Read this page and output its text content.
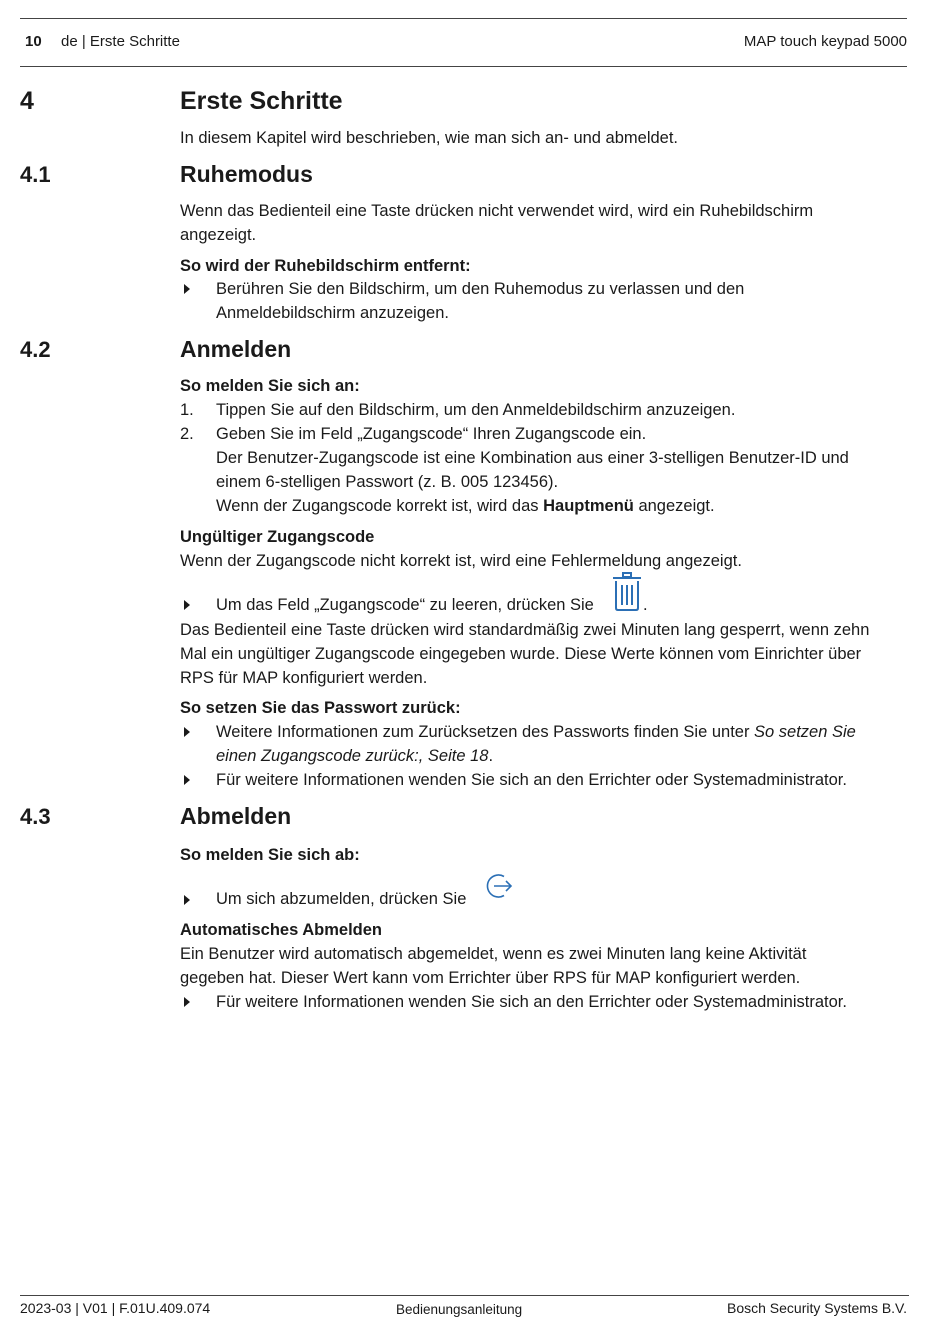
10 de | Erste Schritte	MAP touch keypad 5000
4	Erste Schritte
In diesem Kapitel wird beschrieben, wie man sich an- und abmeldet.
4.1	Ruhemodus
Wenn das Bedienteil eine Taste drücken nicht verwendet wird, wird ein Ruhebildschirm
angezeigt.
So wird der Ruhebildschirm entfernt:
Berühren Sie den Bildschirm, um den Ruhemodus zu verlassen und den
Anmeldebildschirm anzuzeigen.
4.2	Anmelden
So melden Sie sich an:
1. Tippen Sie auf den Bildschirm, um den Anmeldebildschirm anzuzeigen.
2. Geben Sie im Feld „Zugangscode“ Ihren Zugangscode ein.
Der Benutzer-Zugangscode ist eine Kombination aus einer 3-stelligen Benutzer-ID und
einem 6-stelligen Passwort (z. B. 005 123456).
Wenn der Zugangscode korrekt ist, wird das Hauptmenü angezeigt.
Ungültiger Zugangscode
Wenn der Zugangscode nicht korrekt ist, wird eine Fehlermeldung angezeigt.
Um das Feld „Zugangscode“ zu leeren, drücken Sie	.
Das Bedienteil eine Taste drücken wird standardmäßig zwei Minuten lang gesperrt, wenn zehn
Mal ein ungültiger Zugangscode eingegeben wurde. Diese Werte können vom Einrichter über
RPS für MAP konfiguriert werden.
So setzen Sie das Passwort zurück:
Weitere Informationen zum Zurücksetzen des Passworts finden Sie unter So setzen Sie
einen Zugangscode zurück:, Seite 18.
Für weitere Informationen wenden Sie sich an den Errichter oder Systemadministrator.
4.3	Abmelden
So melden Sie sich ab:
Um sich abzumelden, drücken Sie
Automatisches Abmelden
Ein Benutzer wird automatisch abgemeldet, wenn es zwei Minuten lang keine Aktivität
gegeben hat. Dieser Wert kann vom Errichter über RPS für MAP konfiguriert werden.
Für weitere Informationen wenden Sie sich an den Errichter oder Systemadministrator.
2023-03 | V01 | F.01U.409.074	Bedienungsanleitung	Bosch Security Systems B.V.
